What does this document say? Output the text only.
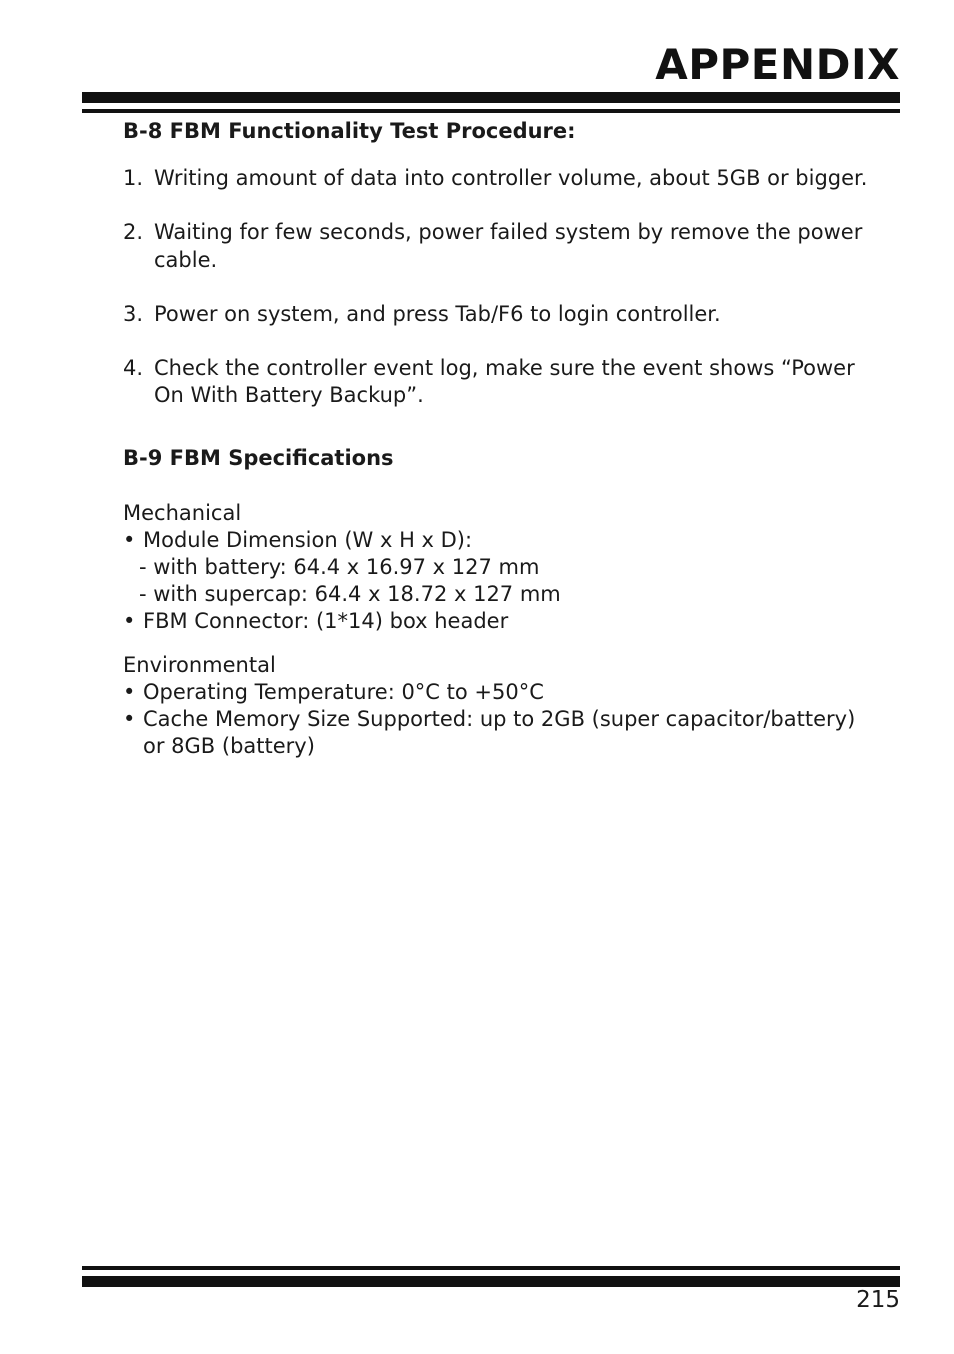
APPENDIX

B-8 FBM Functionality Test Procedure:

1. Writing amount of data into controller volume, about 5GB or bigger.
2. Waiting for few seconds, power failed system by remove the power cable.
3. Power on system, and press Tab/F6 to login controller.
4. Check the controller event log, make sure the event shows “Power On With Battery Backup”.

B-9 FBM Specifications

Mechanical

• Module Dimension (W x H x D):

- with battery: 64.4 x 16.97 x 127 mm

- with supercap: 64.4 x 18.72 x 127 mm

• FBM Connector: (1*14) box header

Environmental

• Operating Temperature: 0°C to +50°C
• Cache Memory Size Supported: up to 2GB (super capacitor/battery) or 8GB (battery)

215
